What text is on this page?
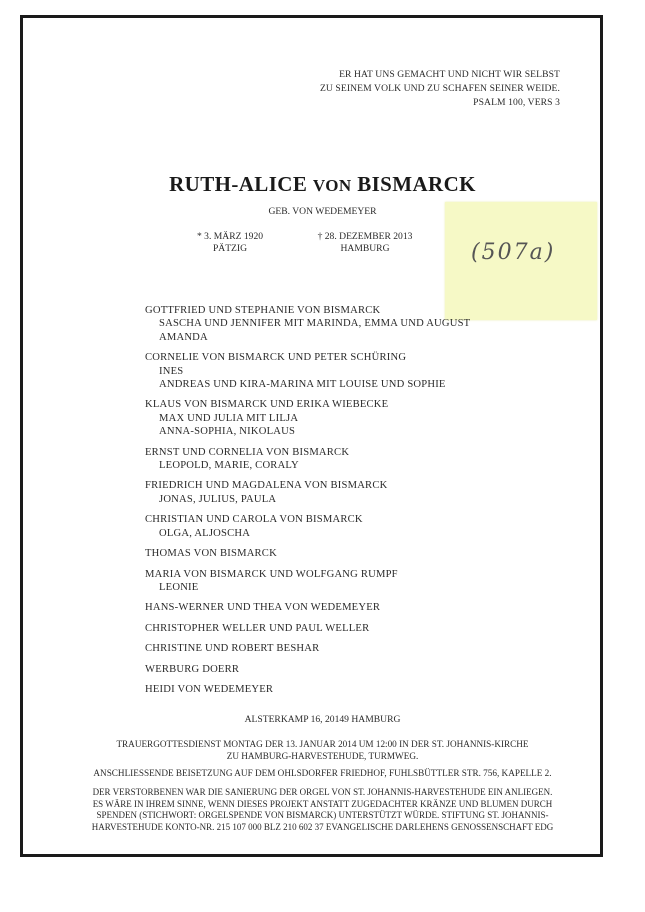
ER HAT UNS GEMACHT UND NICHT WIR SELBST
ZU SEINEM VOLK UND ZU SCHAFEN SEINER WEIDE.
PSALM 100, VERS 3
RUTH-ALICE VON BISMARCK
GEB. VON WEDEMEYER
* 3. MÄRZ 1920
PÄTZIG
† 28. DEZEMBER 2013
HAMBURG	(507a)
GOTTFRIED UND STEPHANIE VON BISMARCK
SASCHA UND JENNIFER MIT MARINDA, EMMA UND AUGUST
AMANDA
CORNELIE VON BISMARCK UND PETER SCHÜRING
INES
ANDREAS UND KIRA-MARINA MIT LOUISE UND SOPHIE
KLAUS VON BISMARCK UND ERIKA WIEBECKE
MAX UND JULIA MIT LILJA
ANNA-SOPHIA, NIKOLAUS
ERNST UND CORNELIA VON BISMARCK
LEOPOLD, MARIE, CORALY
FRIEDRICH UND MAGDALENA VON BISMARCK
JONAS, JULIUS, PAULA
CHRISTIAN UND CAROLA VON BISMARCK
OLGA, ALJOSCHA
THOMAS VON BISMARCK
MARIA VON BISMARCK UND WOLFGANG RUMPF
LEONIE
HANS-WERNER UND THEA VON WEDEMEYER
CHRISTOPHER WELLER UND PAUL WELLER
CHRISTINE UND ROBERT BESHAR
WERBURG DOERR
HEIDI VON WEDEMEYER
ALSTERKAMP 16, 20149 HAMBURG
TRAUERGOTTESDIENST MONTAG DER 13. JANUAR 2014 UM 12:00 IN DER ST. JOHANNIS-KIRCHE
ZU HAMBURG-HARVESTEHUDE, TURMWEG.
ANSCHLIESSENDE BEISETZUNG AUF DEM OHLSDORFER FRIEDHOF, FUHLSBÜTTLER STR. 756, KAPELLE 2.
DER VERSTORBENEN WAR DIE SANIERUNG DER ORGEL VON ST. JOHANNIS-HARVESTEHUDE EIN ANLIEGEN.
ES WÄRE IN IHREM SINNE, WENN DIESES PROJEKT ANSTATT ZUGEDACHTER KRÄNZE UND BLUMEN DURCH
SPENDEN (STICHWORT: ORGELSPENDE VON BISMARCK) UNTERSTÜTZT WÜRDE. STIFTUNG ST. JOHANNIS-
HARVESTEHUDE KONTO-NR. 215 107 000 BLZ 210 602 37 EVANGELISCHE DARLEHENS GENOSSENSCHAFT EDG
